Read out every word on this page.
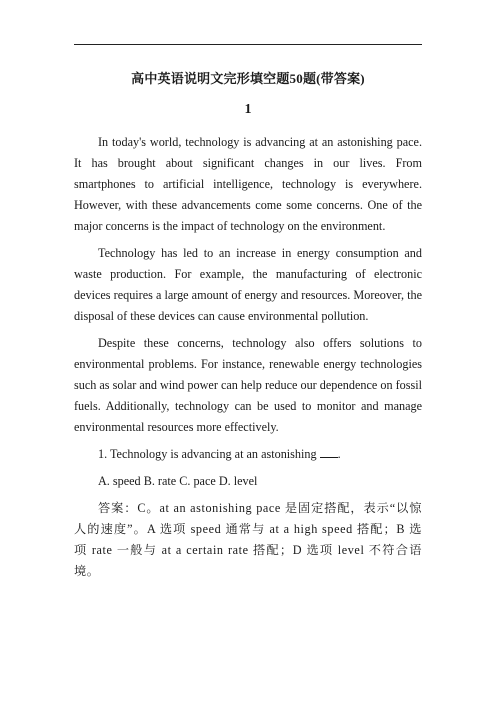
高中英语说明文完形填空题50题(带答案)
1

In today's world, technology is advancing at an astonishing pace. It has brought about significant changes in our lives. From smartphones to artificial intelligence, technology is everywhere. However, with these advancements come some concerns. One of the major concerns is the impact of technology on the environment.

Technology has led to an increase in energy consumption and waste production. For example, the manufacturing of electronic devices requires a large amount of energy and resources. Moreover, the disposal of these devices can cause environmental pollution.

Despite these concerns, technology also offers solutions to environmental problems. For instance, renewable energy technologies such as solar and wind power can help reduce our dependence on fossil fuels. Additionally, technology can be used to monitor and manage environmental resources more effectively.

1. Technology is advancing at an astonishing .

A. speed B. rate C. pace D. level

答案：C。at an astonishing pace 是固定搭配，表示“以惊人的速度”。A 选项 speed 通常与 at a high speed 搭配；B 选项 rate 一般与 at a certain rate 搭配；D 选项 level 不符合语境。
